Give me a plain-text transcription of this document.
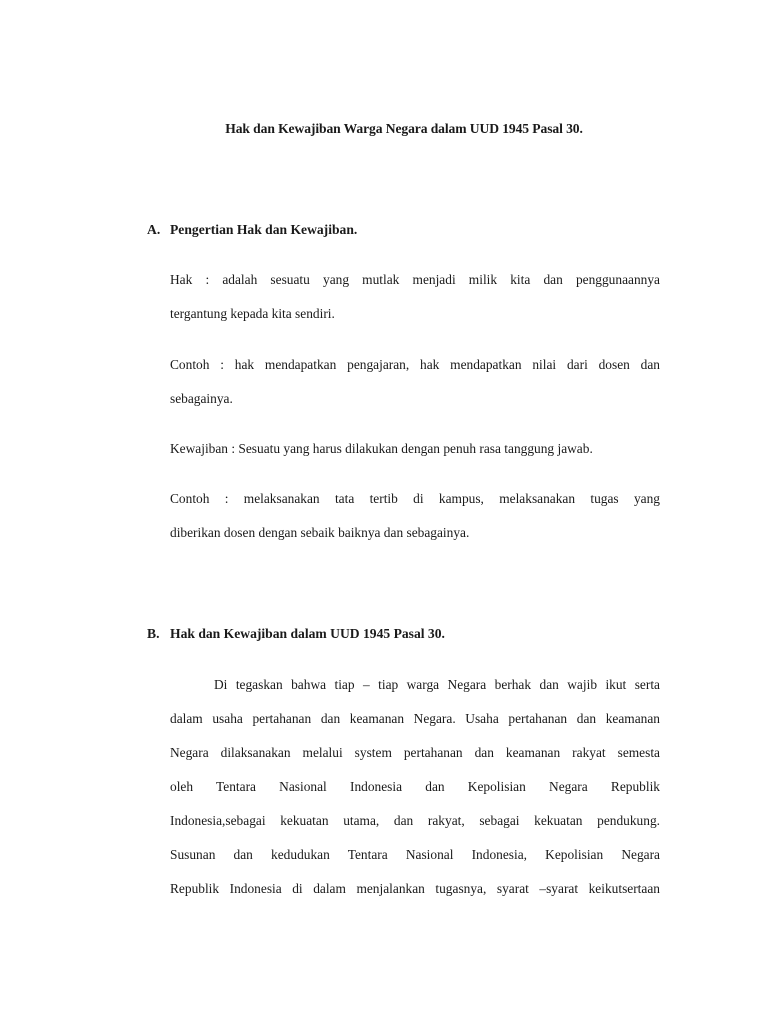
Hak dan Kewajiban Warga Negara dalam UUD 1945 Pasal 30.
A. Pengertian Hak dan Kewajiban.
Hak : adalah sesuatu yang mutlak menjadi milik kita dan penggunaannya
tergantung kepada kita sendiri.
Contoh : hak mendapatkan pengajaran, hak mendapatkan nilai dari dosen dan
sebagainya.
Kewajiban : Sesuatu yang harus dilakukan dengan penuh rasa tanggung jawab.
Contoh : melaksanakan tata tertib di kampus, melaksanakan tugas yang
diberikan dosen dengan sebaik baiknya dan sebagainya.
B. Hak dan Kewajiban dalam UUD 1945 Pasal 30.
Di tegaskan bahwa tiap – tiap warga Negara berhak dan wajib ikut serta
dalam usaha pertahanan dan keamanan Negara. Usaha pertahanan dan keamanan
Negara dilaksanakan melalui system pertahanan dan keamanan rakyat semesta
oleh Tentara Nasional Indonesia dan Kepolisian Negara Republik
Indonesia,sebagai kekuatan utama, dan rakyat, sebagai kekuatan pendukung.
Susunan dan kedudukan Tentara Nasional Indonesia, Kepolisian Negara
Republik Indonesia di dalam menjalankan tugasnya, syarat –syarat keikutsertaan
